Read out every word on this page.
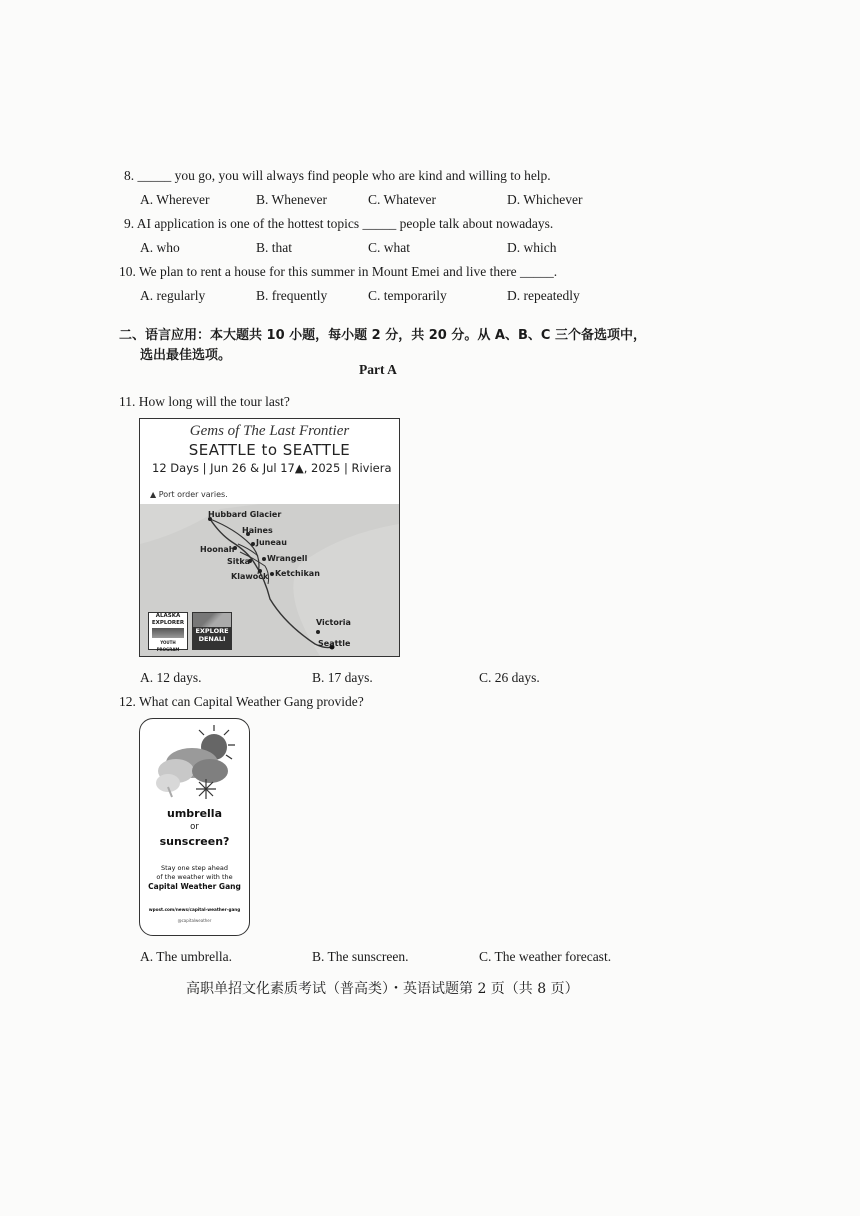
8. _____ you go, you will always find people who are kind and willing to help.
A. Wherever	B. Whenever	C. Whatever	D. Whichever
9. AI application is one of the hottest topics _____ people talk about nowadays.
A. who	B. that	C. what	D. which
10. We plan to rent a house for this summer in Mount Emei and live there _____.
A. regularly	B. frequently	C. temporarily	D. repeatedly
二、语言应用：本大题共 10 小题，每小题 2 分，共 20 分。从 A、B、C 三个备选项中，
选出最佳选项。
Part A
11. How long will the tour last?
Gems of The Last Frontier
SEATTLE to SEATTLE
12 Days | Jun 26 & Jul 17▲, 2025 | Riviera
▲ Port order varies.
Hubbard Glacier
Haines
Juneau
Hoonah
Sitka Wrangell
Klawock Ketchikan
Victoria
Seattle
ALASKA
EXPLORER
YOUTH PROGRAM
EXPLORE
DENALI
A. 12 days.	B. 17 days.	C. 26 days.
12. What can Capital Weather Gang provide?
umbrella
or
sunscreen?
Stay one step ahead
of the weather with the
Capital Weather Gang
wpost.com/news/capital-weather-gang
@capitalweather
A. The umbrella.	B. The sunscreen.	C. The weather forecast.
高职单招文化素质考试（普高类）・英语试题第 2 页（共 8 页）
